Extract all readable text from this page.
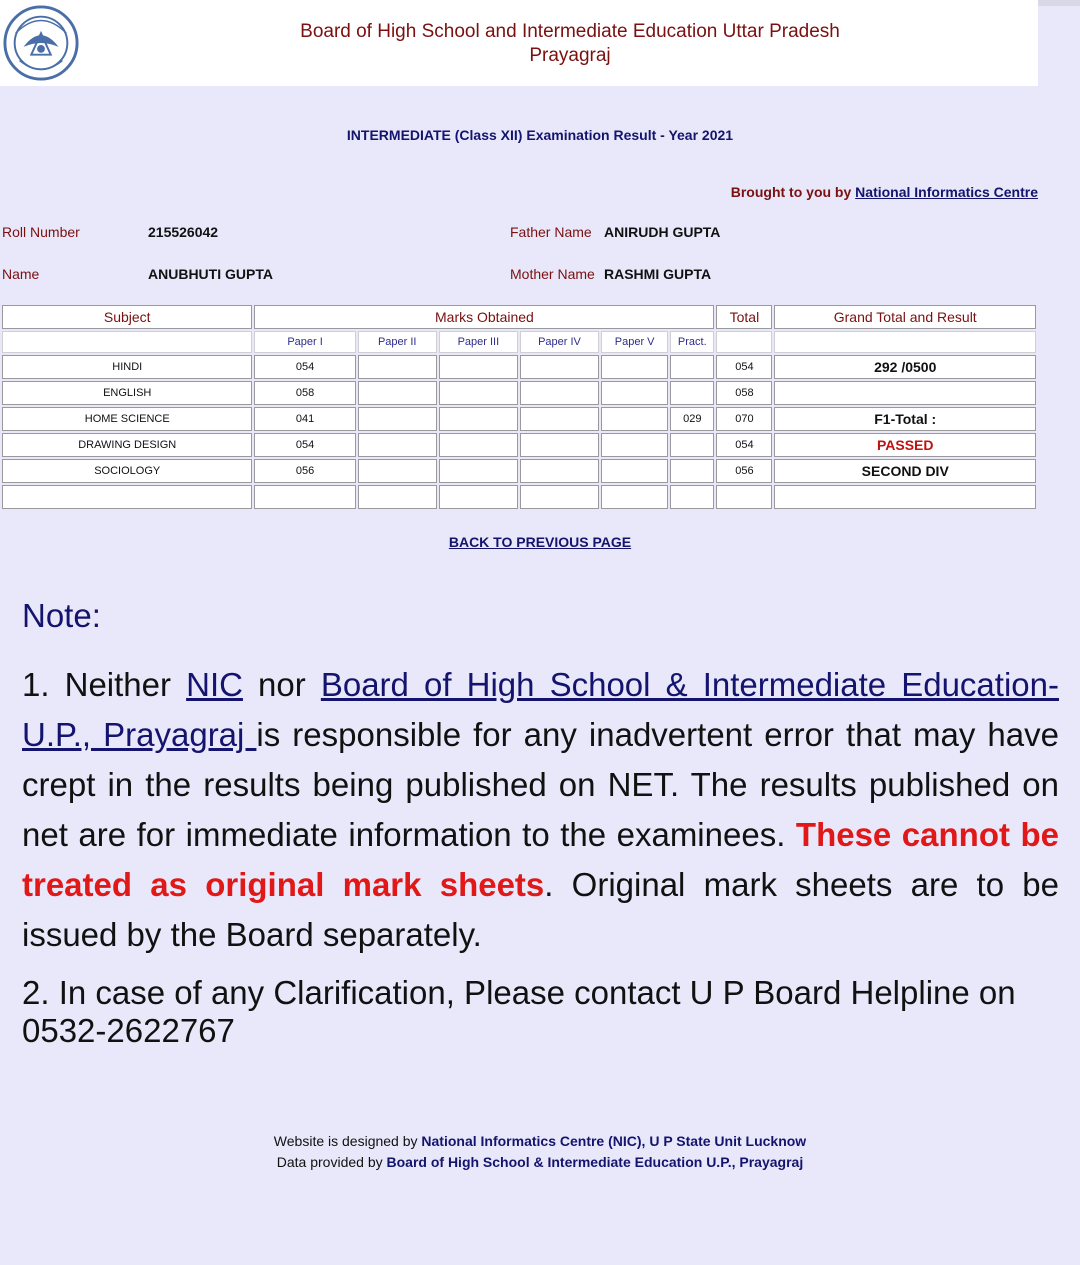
Board of High School and Intermediate Education Uttar Pradesh
Prayagraj
INTERMEDIATE (Class XII) Examination Result - Year 2021
Brought to you by National Informatics Centre
Roll Number	215526042	Father Name ANIRUDH GUPTA
Name	ANUBHUTI GUPTA	Mother Name RASHMI GUPTA
Subject	Marks Obtained						Total	Grand Total and Result
	Paper I	Paper II	Paper III	Paper IV	Paper V	Pract.		
HINDI	054						054	292 /0500
ENGLISH	058						058	
HOME SCIENCE	041					029	070	F1-Total :
DRAWING DESIGN	054						054	PASSED
SOCIOLOGY	056						056	SECOND DIV

BACK TO PREVIOUS PAGE
Note:
1. Neither NIC nor Board of High School & Intermediate Education- U.P., Prayagraj is responsible for any inadvertent error that may have crept in the results being published on NET. The results published on net are for immediate information to the examinees. These cannot be treated as original mark sheets. Original mark sheets are to be issued by the Board separately.
2. In case of any Clarification, Please contact U P Board Helpline on 0532-2622767
Website is designed by National Informatics Centre (NIC), U P State Unit Lucknow
Data provided by Board of High School & Intermediate Education U.P., Prayagraj
